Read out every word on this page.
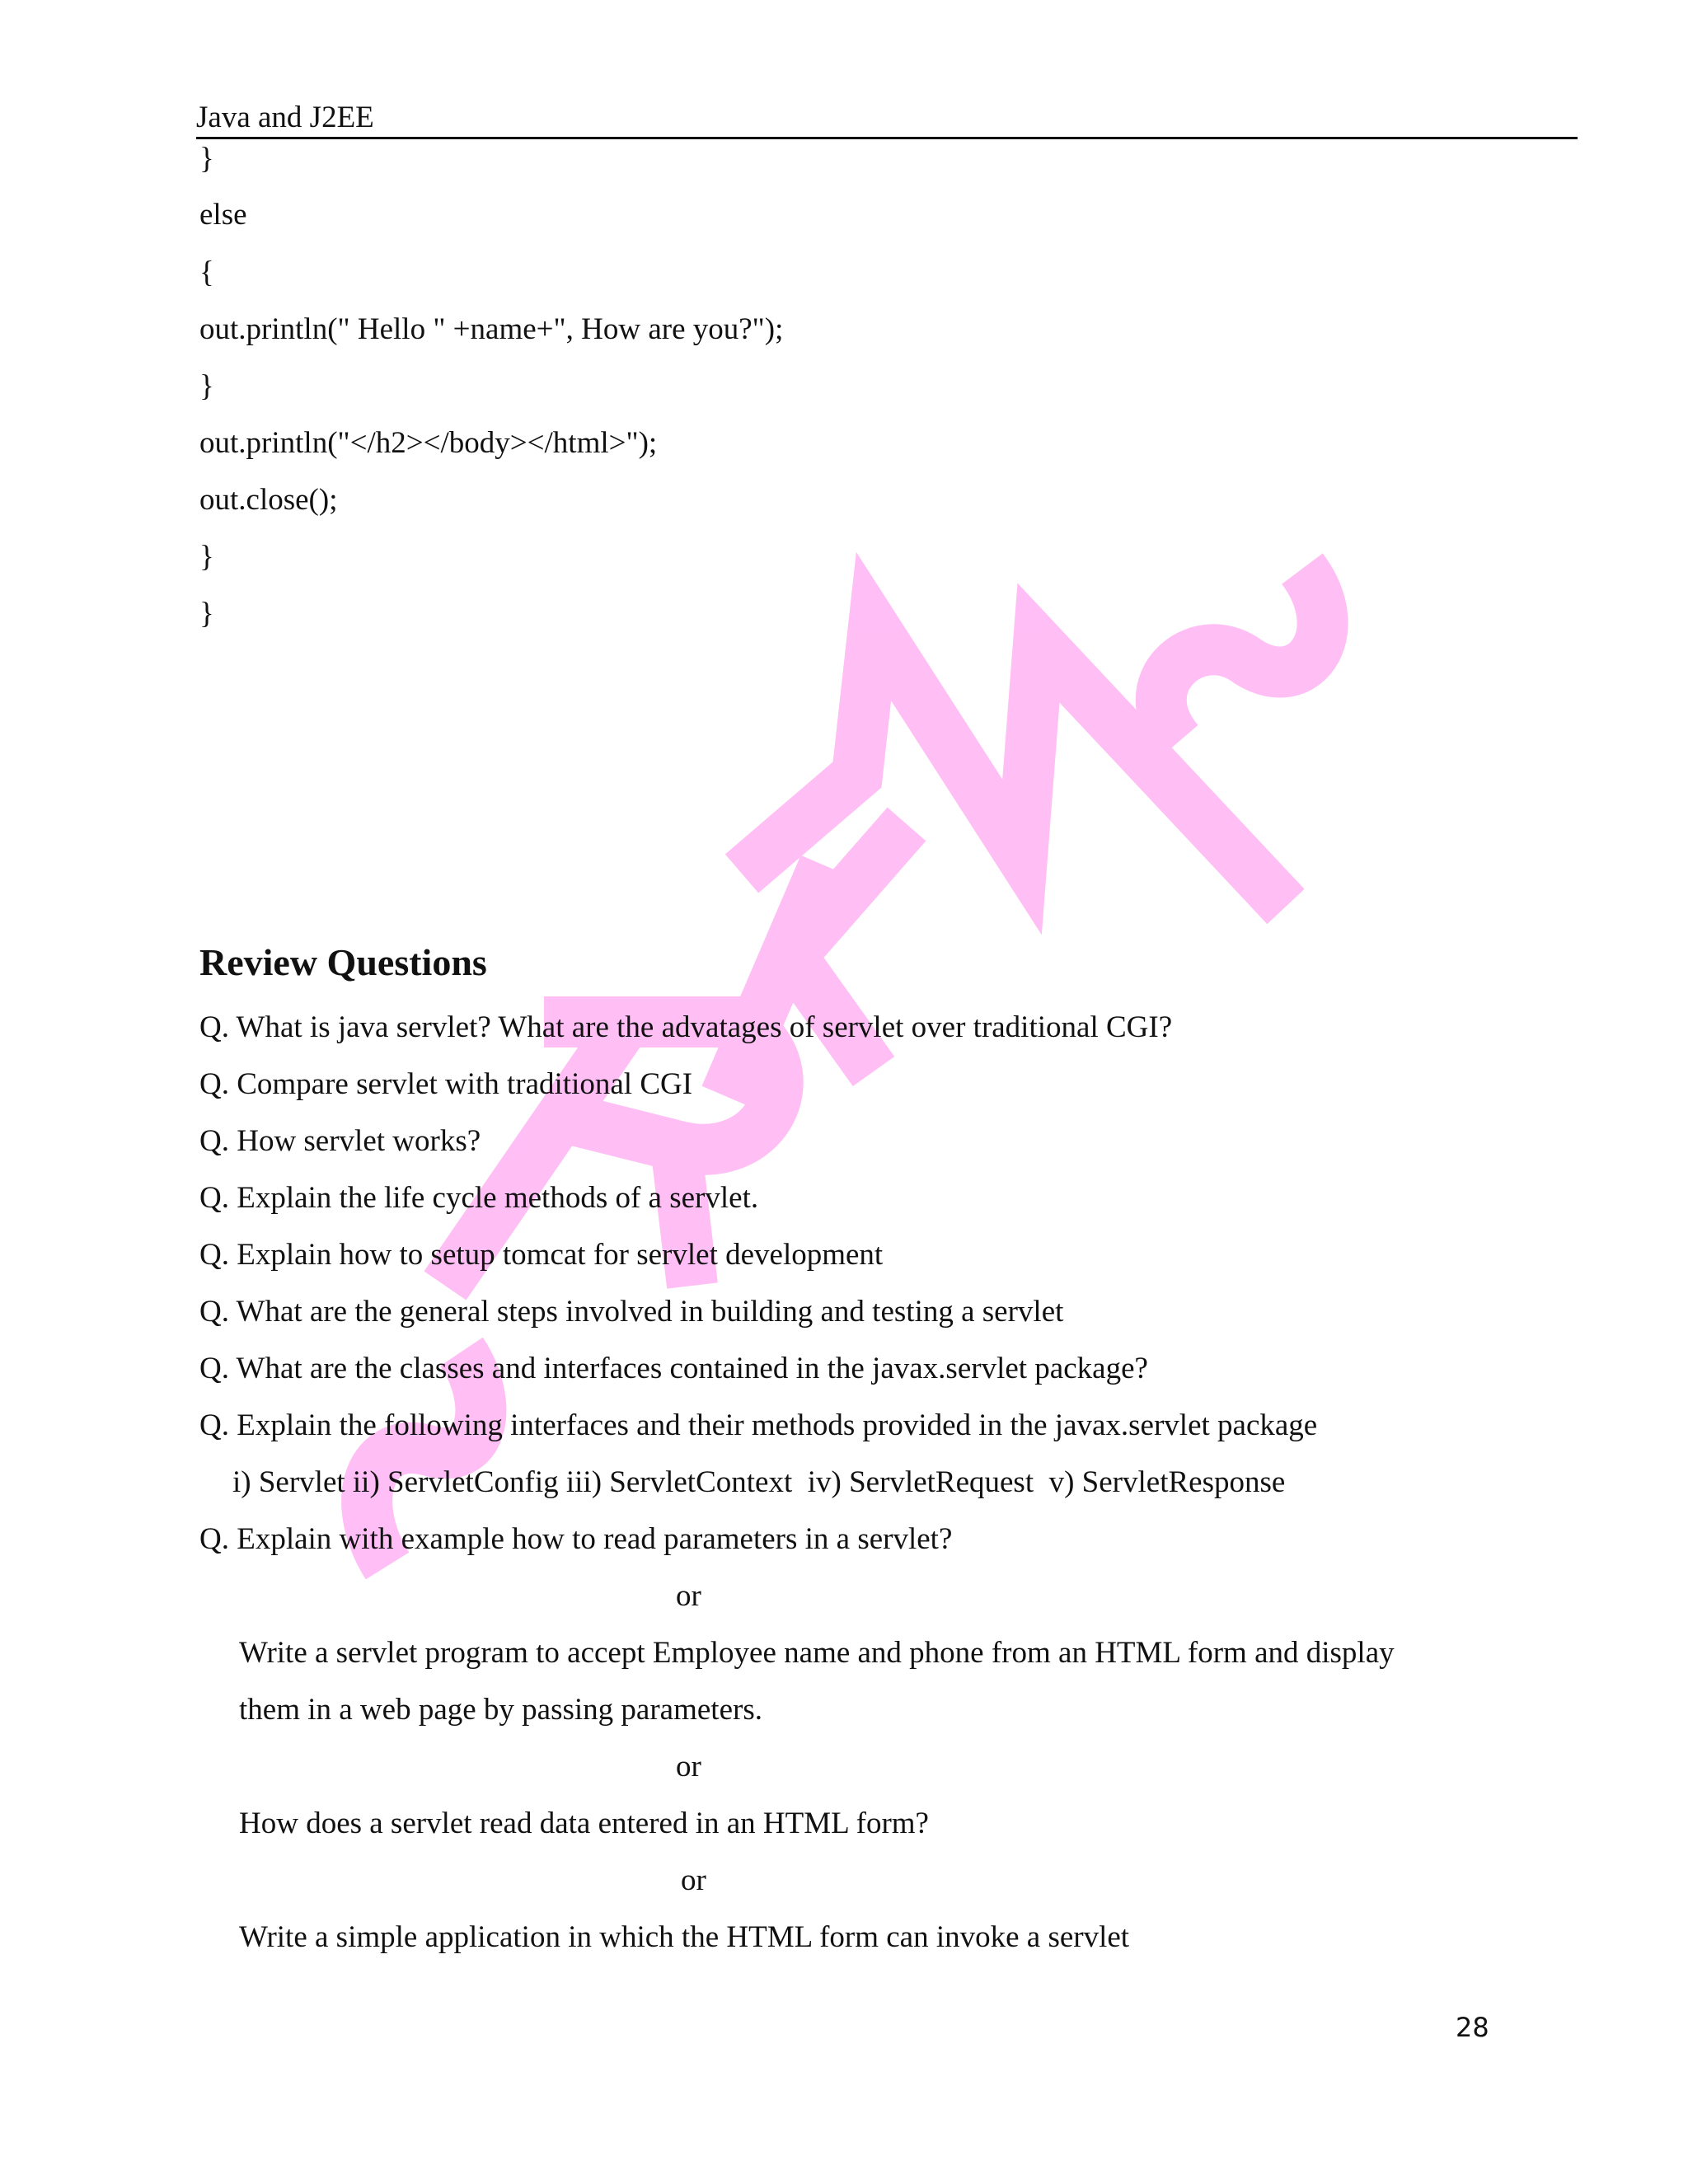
Java and J2EE
}
else
{
out.println(" Hello " +name+", How are you?");
}
out.println("</h2></body></html>");
out.close();
}
}
Review Questions
Q. What is java servlet? What are the advatages of servlet over traditional CGI?
Q. Compare servlet with traditional CGI
Q. How servlet works?
Q. Explain the life cycle methods of a servlet.
Q. Explain how to setup tomcat for servlet development
Q. What are the general steps involved in building and testing a servlet
Q. What are the classes and interfaces contained in the javax.servlet package?
Q. Explain the following interfaces and their methods provided in the javax.servlet package
i) Servlet ii) ServletConfig iii) ServletContext  iv) ServletRequest  v) ServletResponse
Q. Explain with example how to read parameters in a servlet?
or
Write a servlet program to accept Employee name and phone from an HTML form and display
them in a web page by passing parameters.
or
How does a servlet read data entered in an HTML form?
or
Write a simple application in which the HTML form can invoke a servlet
28
